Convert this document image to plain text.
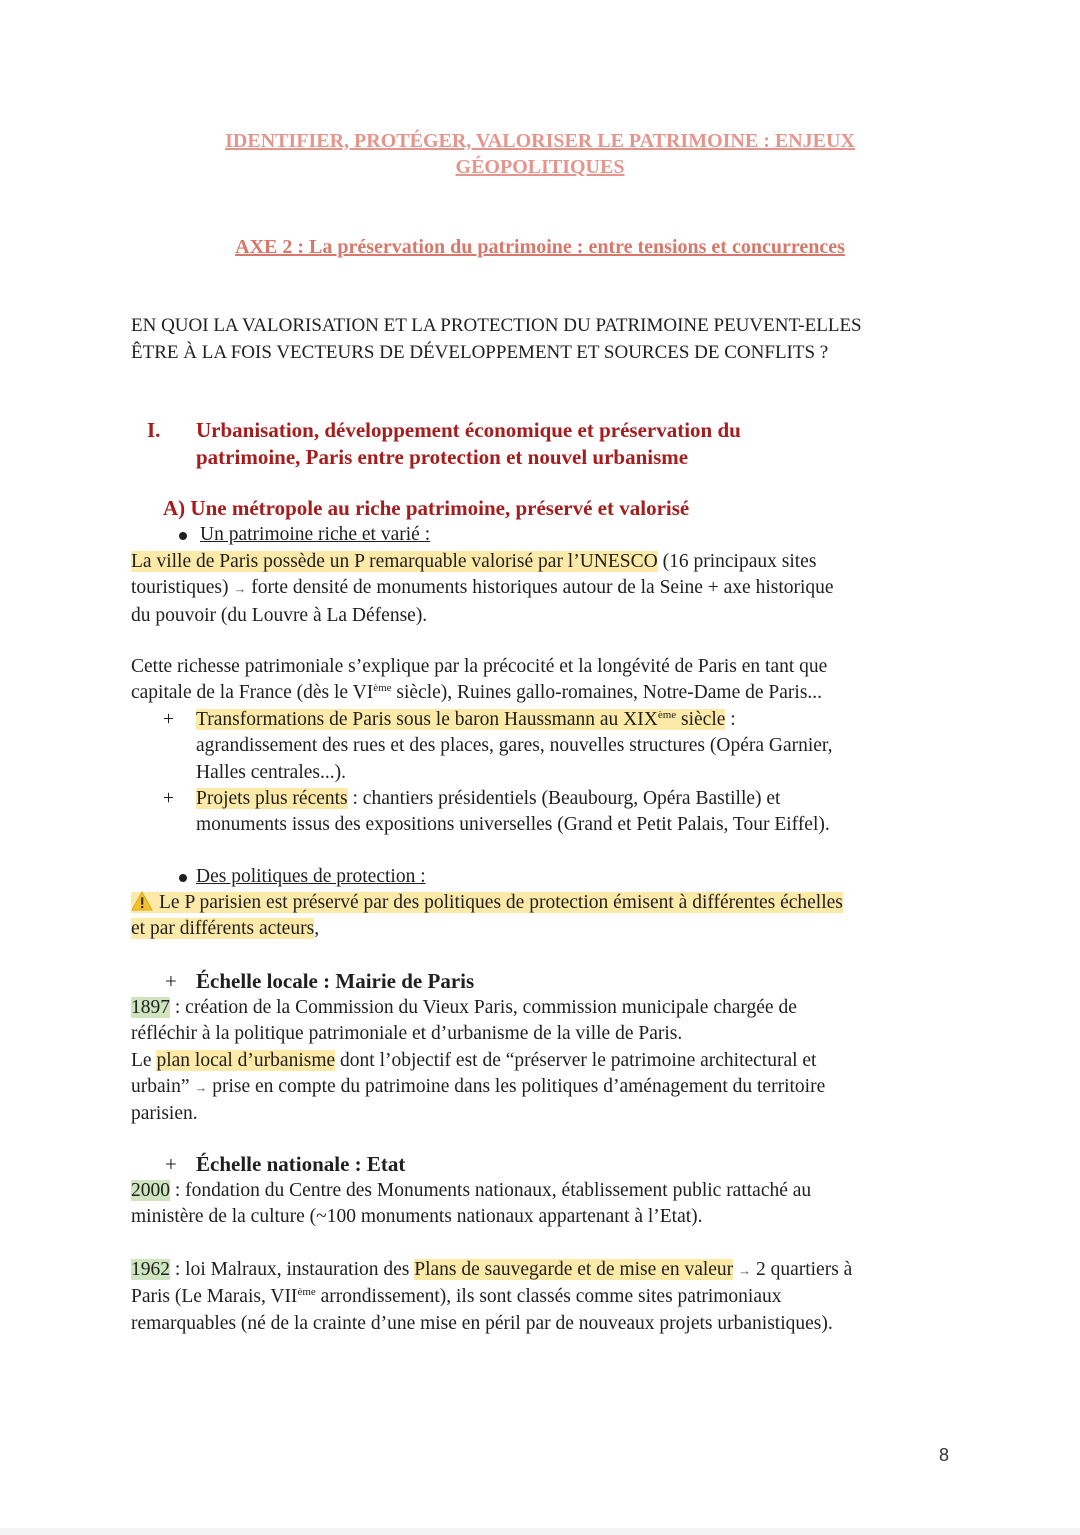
IDENTIFIER, PROTÉGER, VALORISER LE PATRIMOINE : ENJEUX
GÉOPOLITIQUES
AXE 2 : La préservation du patrimoine : entre tensions et concurrences
EN QUOI LA VALORISATION ET LA PROTECTION DU PATRIMOINE PEUVENT-ELLES
ÊTRE À LA FOIS VECTEURS DE DÉVELOPPEMENT ET SOURCES DE CONFLITS ?
I. Urbanisation, développement économique et préservation du
patrimoine, Paris entre protection et nouvel urbanisme
A) Une métropole au riche patrimoine, préservé et valorisé
Un patrimoine riche et varié :
La ville de Paris possède un P remarquable valorisé par l’UNESCO (16 principaux sites
touristiques) → forte densité de monuments historiques autour de la Seine + axe historique
du pouvoir (du Louvre à La Défense).
Cette richesse patrimoniale s’explique par la précocité et la longévité de Paris en tant que
capitale de la France (dès le VIème siècle), Ruines gallo-romaines, Notre-Dame de Paris...
+ Transformations de Paris sous le baron Haussmann au XIXème siècle :
agrandissement des rues et des places, gares, nouvelles structures (Opéra Garnier,
Halles centrales...).
+ Projets plus récents : chantiers présidentiels (Beaubourg, Opéra Bastille) et
monuments issus des expositions universelles (Grand et Petit Palais, Tour Eiffel).
Des politiques de protection :
Le P parisien est préservé par des politiques de protection émisent à différentes échelles
et par différents acteurs,
+ Échelle locale : Mairie de Paris
1897 : création de la Commission du Vieux Paris, commission municipale chargée de
réfléchir à la politique patrimoniale et d’urbanisme de la ville de Paris.
Le plan local d’urbanisme dont l’objectif est de “préserver le patrimoine architectural et
urbain” → prise en compte du patrimoine dans les politiques d’aménagement du territoire
parisien.
+ Échelle nationale : Etat
2000 : fondation du Centre des Monuments nationaux, établissement public rattaché au
ministère de la culture (~100 monuments nationaux appartenant à l’Etat).
1962 : loi Malraux, instauration des Plans de sauvegarde et de mise en valeur → 2 quartiers à
Paris (Le Marais, VIIème arrondissement), ils sont classés comme sites patrimoniaux
remarquables (né de la crainte d’une mise en péril par de nouveaux projets urbanistiques).
8
